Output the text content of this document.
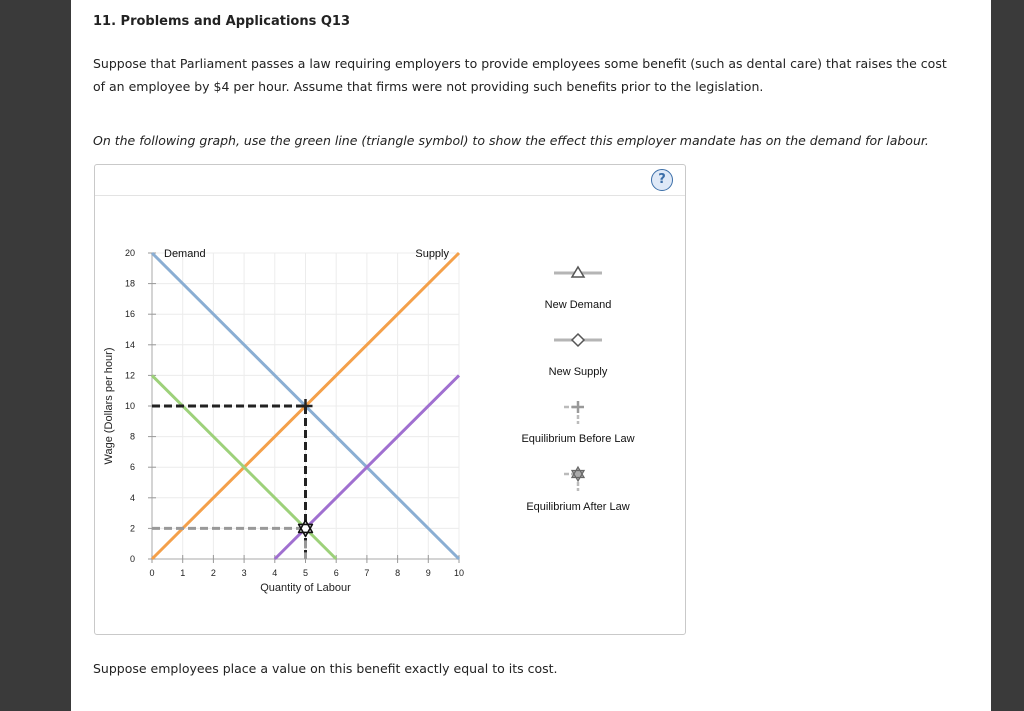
11. Problems and Applications Q13
Suppose that Parliament passes a law requiring employers to provide employees some benefit (such as dental care) that raises the cost of an employee by $4 per hour. Assume that firms were not providing such benefits prior to the legislation.
On the following graph, use the green line (triangle symbol) to show the effect this employer mandate has on the demand for labour.
?
0	1	2	3	4	5	6	7	8	9	10
0
2
4
6
8
10
12
14
16
18
20
Quantity of Labour
Wage (Dollars per hour)
Demand	Supply
New Demand
New Supply
Equilibrium Before Law
Equilibrium After Law
Suppose employees place a value on this benefit exactly equal to its cost.
